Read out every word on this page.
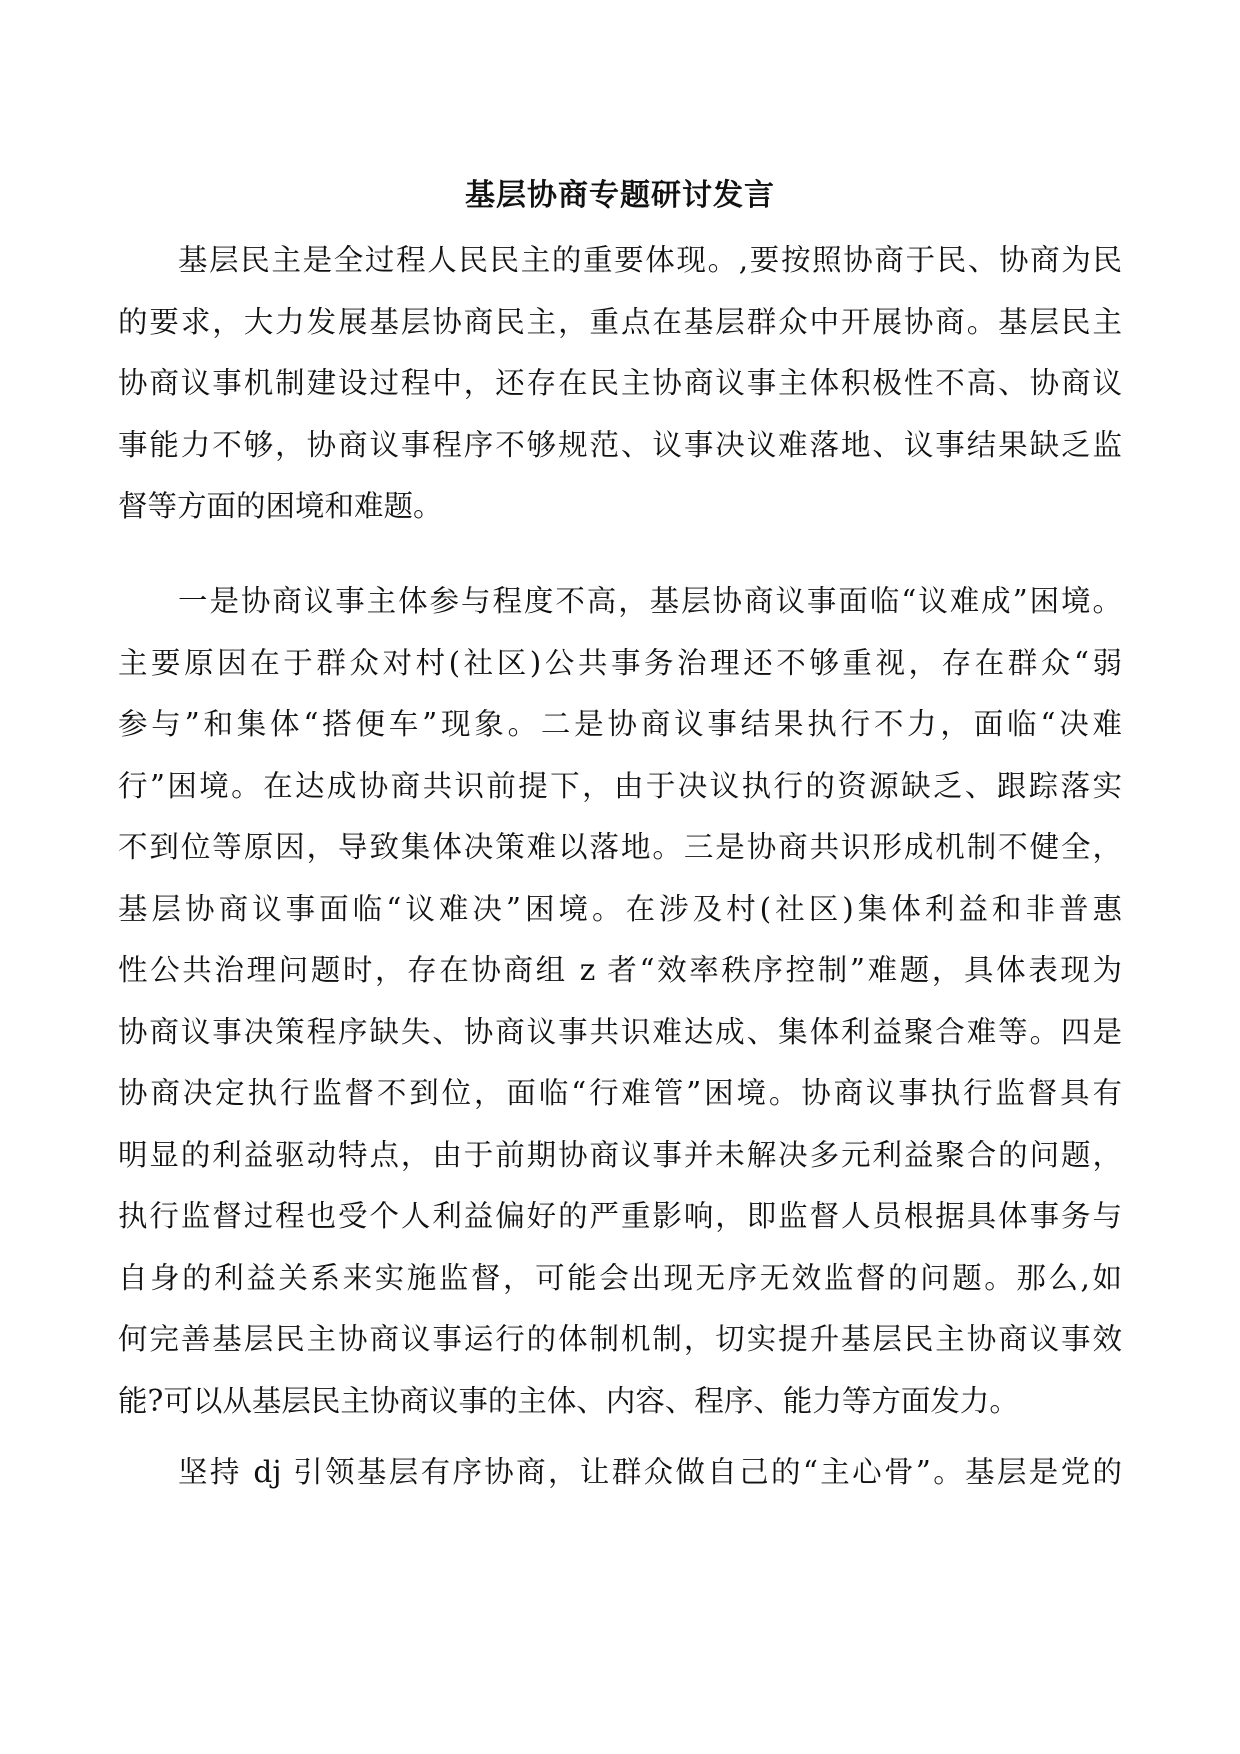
基层协商专题研讨发言
基层民主是全过程人民民主的重要体现。,要按照协商于民、协商为民
的要求，大力发展基层协商民主，重点在基层群众中开展协商。基层民主
协商议事机制建设过程中，还存在民主协商议事主体积极性不高、协商议
事能力不够，协商议事程序不够规范、议事决议难落地、议事结果缺乏监
督等方面的困境和难题。
一是协商议事主体参与程度不高，基层协商议事面临“议难成”困境。
主要原因在于群众对村(社区)公共事务治理还不够重视，存在群众“弱
参与”和集体“搭便车”现象。二是协商议事结果执行不力，面临“决难
行”困境。在达成协商共识前提下，由于决议执行的资源缺乏、跟踪落实
不到位等原因，导致集体决策难以落地。三是协商共识形成机制不健全，
基层协商议事面临“议难决”困境。在涉及村(社区)集体利益和非普惠
性公共治理问题时，存在协商组 z 者“效率秩序控制”难题，具体表现为
协商议事决策程序缺失、协商议事共识难达成、集体利益聚合难等。四是
协商决定执行监督不到位，面临“行难管”困境。协商议事执行监督具有
明显的利益驱动特点，由于前期协商议事并未解决多元利益聚合的问题，
执行监督过程也受个人利益偏好的严重影响，即监督人员根据具体事务与
自身的利益关系来实施监督，可能会出现无序无效监督的问题。那么,如
何完善基层民主协商议事运行的体制机制，切实提升基层民主协商议事效
能?可以从基层民主协商议事的主体、内容、程序、能力等方面发力。
坚持 dj 引领基层有序协商，让群众做自己的“主心骨”。基层是党的
